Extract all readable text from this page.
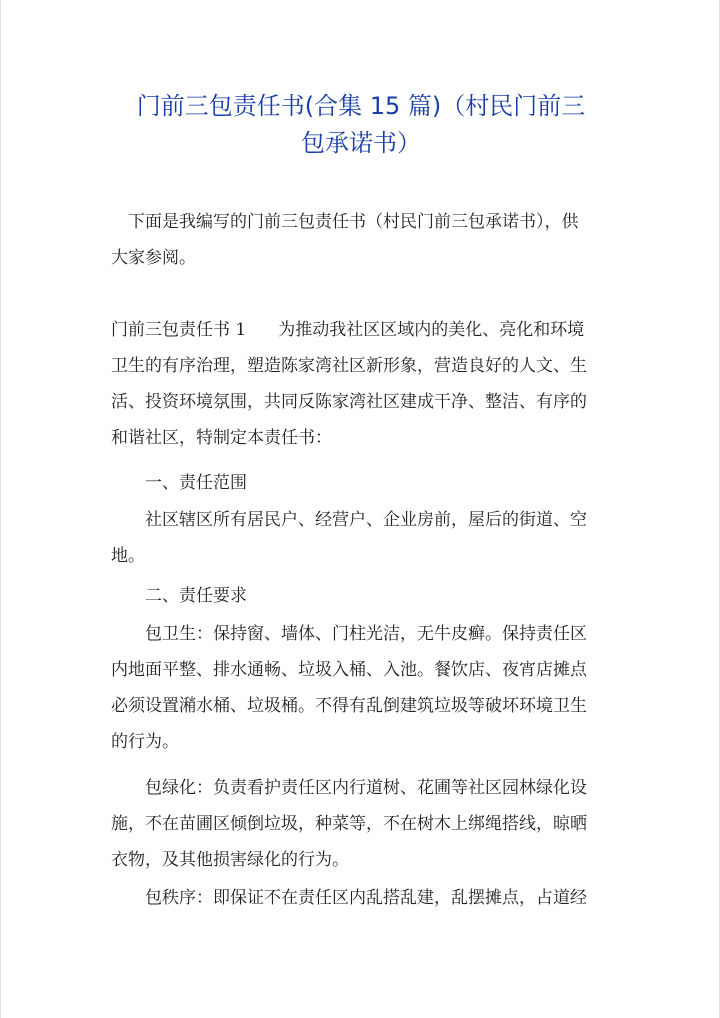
门前三包责任书(合集 15 篇)（村民门前三
包承诺书）

下面是我编写的门前三包责任书（村民门前三包承诺书），供
大家参阅。

门前三包责任书 1 为推动我社区区域内的美化、亮化和环境
卫生的有序治理，塑造陈家湾社区新形象，营造良好的人文、生
活、投资环境氛围，共同反陈家湾社区建成干净、整洁、有序的
和谐社区，特制定本责任书：

一、责任范围

社区辖区所有居民户、经营户、企业房前，屋后的街道、空
地。

二、责任要求

包卫生：保持窗、墙体、门柱光洁，无牛皮癣。保持责任区
内地面平整、排水通畅、垃圾入桶、入池。餐饮店、夜宵店摊点
必须设置潲水桶、垃圾桶。不得有乱倒建筑垃圾等破坏环境卫生
的行为。

包绿化：负责看护责任区内行道树、花圃等社区园林绿化设
施，不在苗圃区倾倒垃圾，种菜等，不在树木上绑绳搭线，晾晒
衣物，及其他损害绿化的行为。

包秩序：即保证不在责任区内乱搭乱建，乱摆摊点，占道经
